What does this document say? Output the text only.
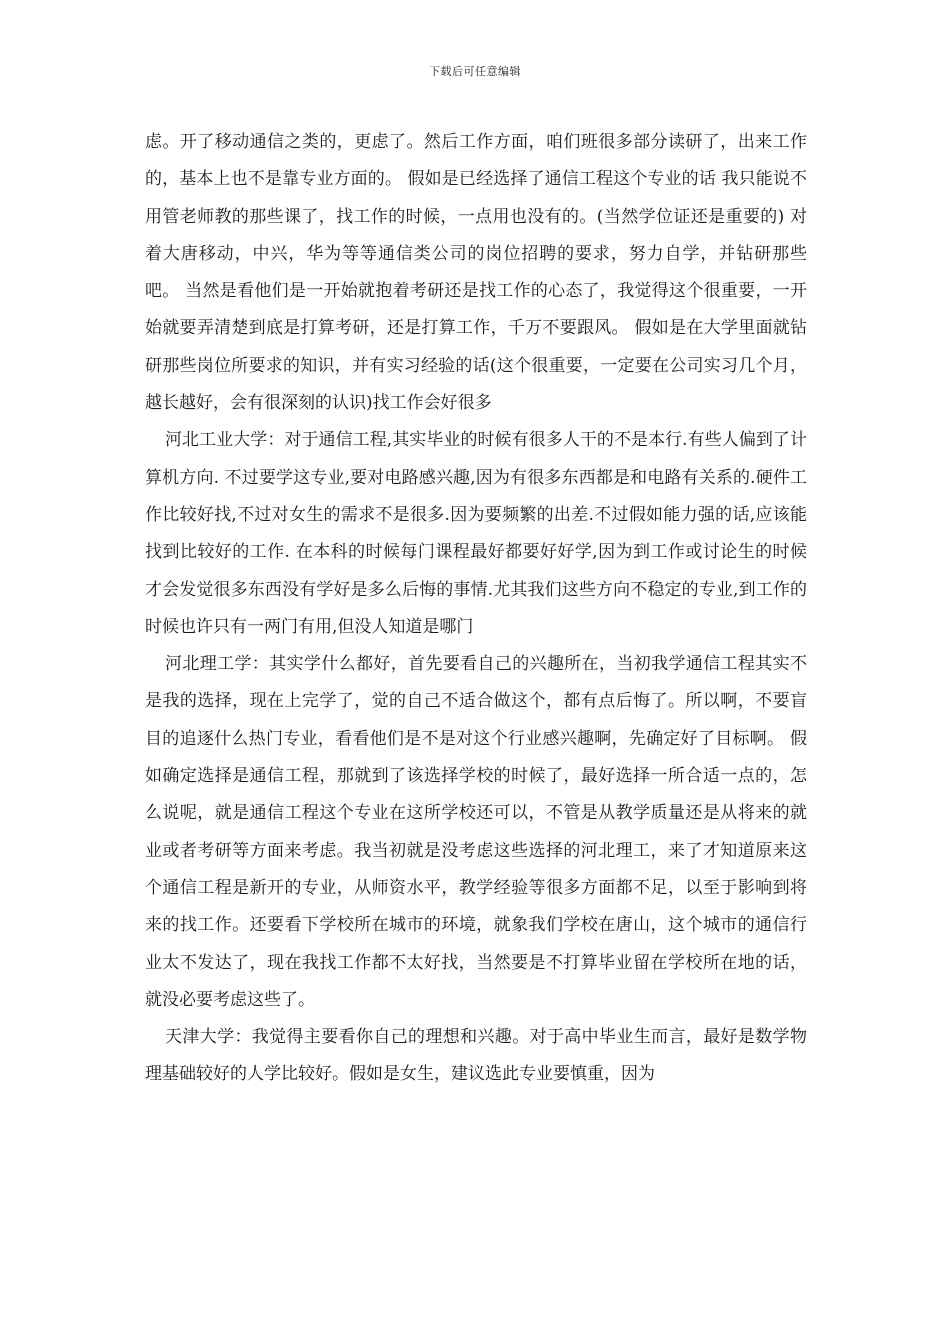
下载后可任意编辑

虑。开了移动通信之类的，更虑了。然后工作方面，咱们班很多部分读研了，出来工作的，基本上也不是靠专业方面的。 假如是已经选择了通信工程这个专业的话 我只能说不用管老师教的那些课了，找工作的时候，一点用也没有的。(当然学位证还是重要的) 对着大唐移动，中兴，华为等等通信类公司的岗位招聘的要求，努力自学，并钻研那些吧。 当然是看他们是一开始就抱着考研还是找工作的心态了，我觉得这个很重要，一开始就要弄清楚到底是打算考研，还是打算工作，千万不要跟风。 假如是在大学里面就钻研那些岗位所要求的知识，并有实习经验的话(这个很重要，一定要在公司实习几个月，越长越好，会有很深刻的认识)找工作会好很多

河北工业大学：对于通信工程,其实毕业的时候有很多人干的不是本行.有些人偏到了计算机方向. 不过要学这专业,要对电路感兴趣,因为有很多东西都是和电路有关系的.硬件工作比较好找,不过对女生的需求不是很多.因为要频繁的出差.不过假如能力强的话,应该能找到比较好的工作. 在本科的时候每门课程最好都要好好学,因为到工作或讨论生的时候才会发觉很多东西没有学好是多么后悔的事情.尤其我们这些方向不稳定的专业,到工作的时候也许只有一两门有用,但没人知道是哪门

河北理工学：其实学什么都好，首先要看自己的兴趣所在，当初我学通信工程其实不是我的选择，现在上完学了，觉的自己不适合做这个，都有点后悔了。所以啊，不要盲目的追逐什么热门专业，看看他们是不是对这个行业感兴趣啊，先确定好了目标啊。 假如确定选择是通信工程，那就到了该选择学校的时候了，最好选择一所合适一点的，怎么说呢，就是通信工程这个专业在这所学校还可以，不管是从教学质量还是从将来的就业或者考研等方面来考虑。我当初就是没考虑这些选择的河北理工，来了才知道原来这个通信工程是新开的专业，从师资水平，教学经验等很多方面都不足，以至于影响到将来的找工作。还要看下学校所在城市的环境，就象我们学校在唐山，这个城市的通信行业太不发达了，现在我找工作都不太好找，当然要是不打算毕业留在学校所在地的话，就没必要考虑这些了。

天津大学：我觉得主要看你自己的理想和兴趣。对于高中毕业生而言，最好是数学物理基础较好的人学比较好。假如是女生，建议选此专业要慎重，因为
